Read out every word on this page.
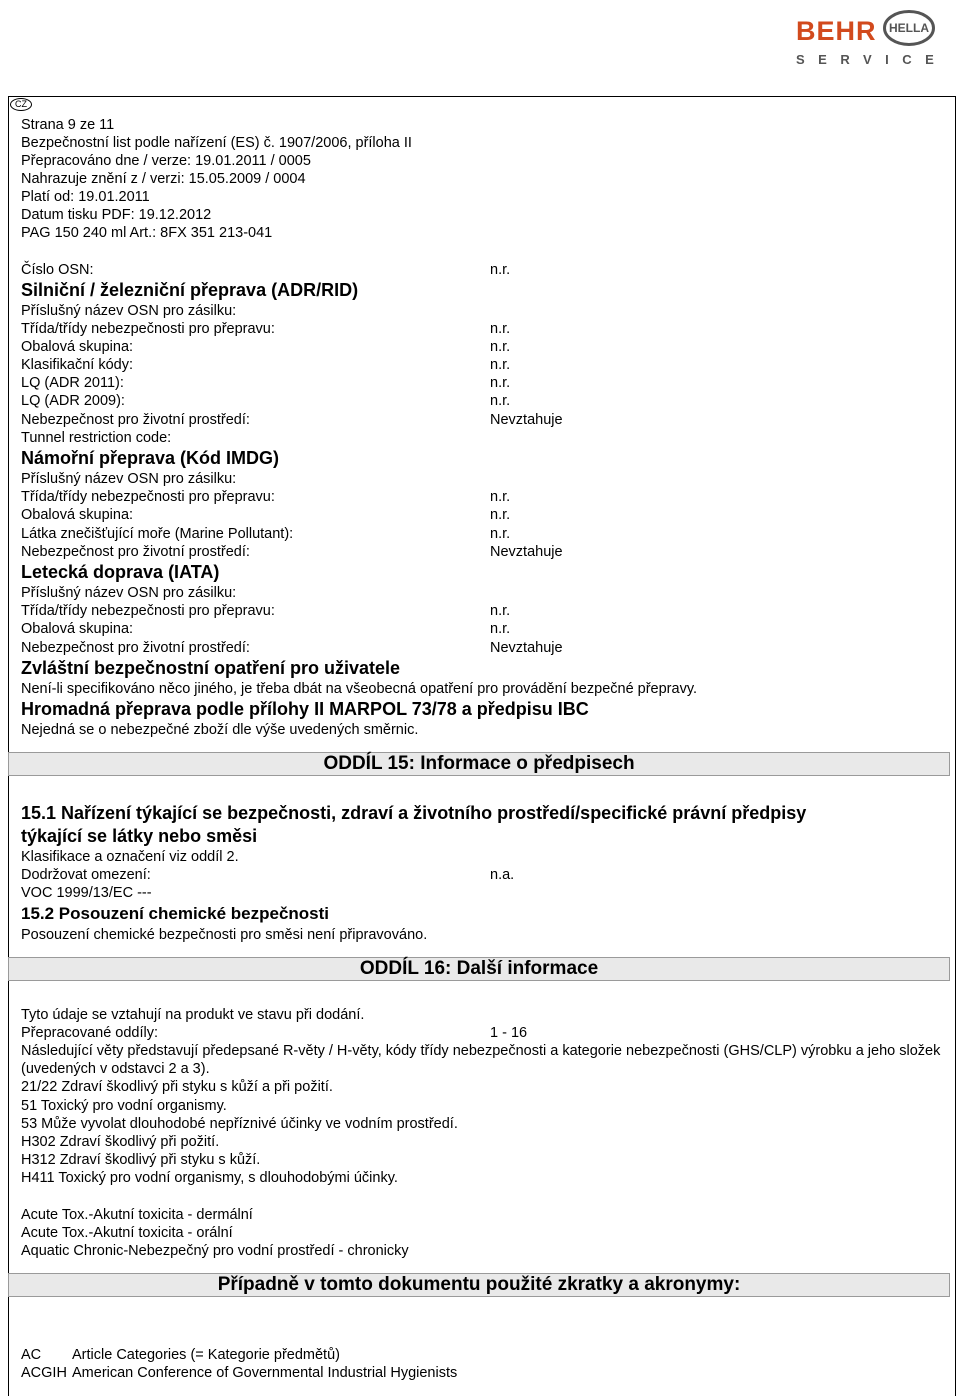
BEHR HELLA
SERVICE
CZ
Strana 9 ze 11
Bezpečnostní list podle nařízení (ES) č. 1907/2006, příloha II
Přepracováno dne / verze: 19.01.2011 / 0005
Nahrazuje znění z / verzi: 15.05.2009 / 0004
Platí od: 19.01.2011
Datum tisku PDF: 19.12.2012
PAG 150 240 ml Art.: 8FX 351 213-041
Číslo OSN:	n.r.
Silniční / železniční přeprava (ADR/RID)
Příslušný název OSN pro zásilku:
Třída/třídy nebezpečnosti pro přepravu:	n.r.
Obalová skupina:	n.r.
Klasifikační kódy:	n.r.
LQ (ADR 2011):	n.r.
LQ (ADR 2009):	n.r.
Nebezpečnost pro životní prostředí:	Nevztahuje
Tunnel restriction code:
Námořní přeprava (Kód IMDG)
Příslušný název OSN pro zásilku:
Třída/třídy nebezpečnosti pro přepravu:	n.r.
Obalová skupina:	n.r.
Látka znečišťující moře (Marine Pollutant):	n.r.
Nebezpečnost pro životní prostředí:	Nevztahuje
Letecká doprava (IATA)
Příslušný název OSN pro zásilku:
Třída/třídy nebezpečnosti pro přepravu:	n.r.
Obalová skupina:	n.r.
Nebezpečnost pro životní prostředí:	Nevztahuje
Zvláštní bezpečnostní opatření pro uživatele
Není-li specifikováno něco jiného, je třeba dbát na všeobecná opatření pro provádění bezpečné přepravy.
Hromadná přeprava podle přílohy II MARPOL 73/78 a předpisu IBC
Nejedná se o nebezpečné zboží dle výše uvedených směrnic.
ODDÍL 15: Informace o předpisech
15.1 Nařízení týkající se bezpečnosti, zdraví a životního prostředí/specifické právní předpisy
týkající se látky nebo směsi
Klasifikace a označení viz oddíl 2.
Dodržovat omezení:	n.a.
VOC 1999/13/EC ---
15.2 Posouzení chemické bezpečnosti
Posouzení chemické bezpečnosti pro směsi není připravováno.
ODDÍL 16: Další informace
Tyto údaje se vztahují na produkt ve stavu při dodání.
Přepracované oddíly:	1 - 16
Následující věty představují předepsané R-věty / H-věty, kódy třídy nebezpečnosti a kategorie nebezpečnosti (GHS/CLP) výrobku a jeho složek (uvedených v odstavci 2 a 3).
21/22 Zdraví škodlivý při styku s kůží a při požití.
51 Toxický pro vodní organismy.
53 Může vyvolat dlouhodobé nepříznivé účinky ve vodním prostředí.
H302 Zdraví škodlivý při požití.
H312 Zdraví škodlivý při styku s kůží.
H411 Toxický pro vodní organismy, s dlouhodobými účinky.
Acute Tox.-Akutní toxicita - dermální
Acute Tox.-Akutní toxicita - orální
Aquatic Chronic-Nebezpečný pro vodní prostředí - chronicky
Případně v tomto dokumentu použité zkratky a akronymy:
AC Article Categories (= Kategorie předmětů)
ACGIH American Conference of Governmental Industrial Hygienists
